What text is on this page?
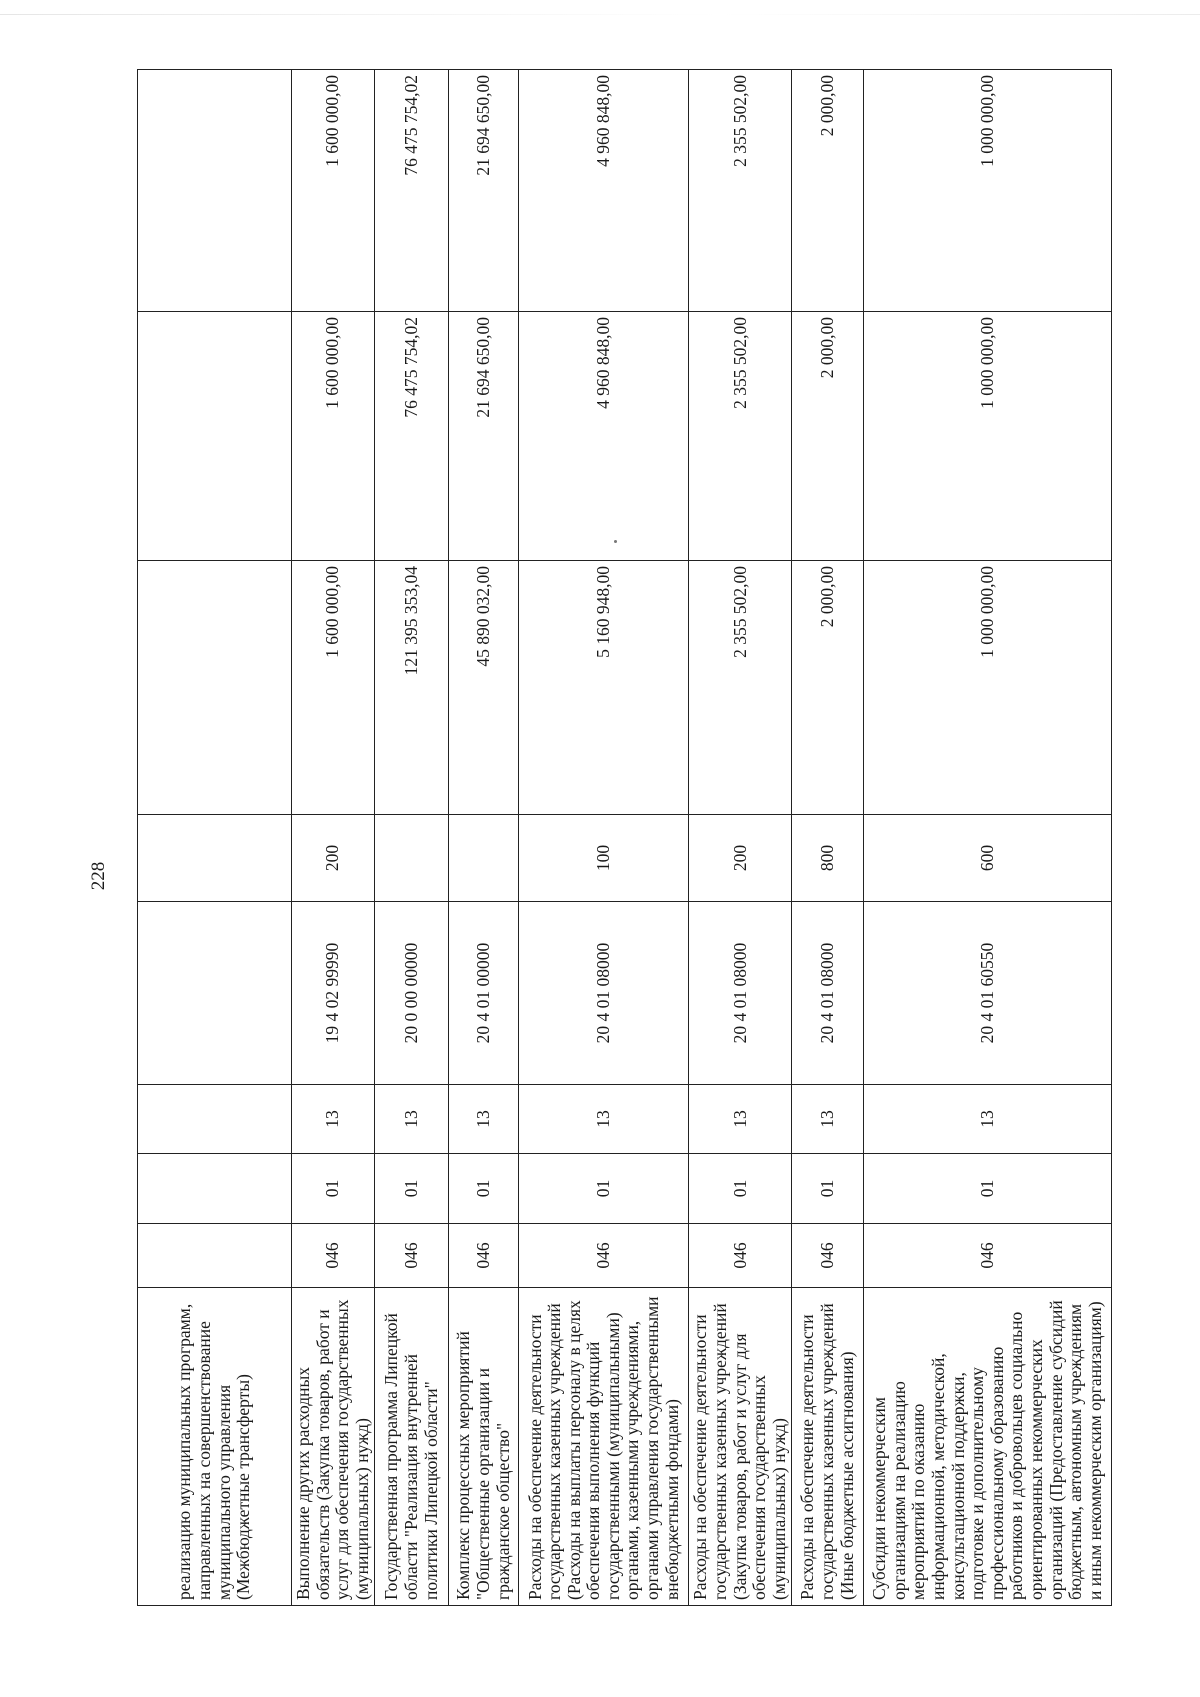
228
реализацию муниципальных программ, направленных на совершенствование муниципального управления (Межбюджетные трансферты)								
Выполнение других расходных обязательств (Закупка товаров, работ и услуг для обеспечения государственных (муниципальных) нужд)	046	01	13	19 4 02 99990	200	1 600 000,00	1 600 000,00	1 600 000,00
Государственная программа Липецкой области "Реализация внутренней политики Липецкой области"	046	01	13	20 0 00 00000		121 395 353,04	76 475 754,02	76 475 754,02
Комплекс процессных мероприятий "Общественные организации и гражданское общество"	046	01	13	20 4 01 00000		45 890 032,00	21 694 650,00	21 694 650,00
Расходы на обеспечение деятельности государственных казенных учреждений (Расходы на выплаты персоналу в целях обеспечения выполнения функций государственными (муниципальными) органами, казенными учреждениями, органами управления государственными внебюджетными фондами)	046	01	13	20 4 01 08000	100	5 160 948,00	4 960 848,00	4 960 848,00
Расходы на обеспечение деятельности государственных казенных учреждений (Закупка товаров, работ и услуг для обеспечения государственных (муниципальных) нужд)	046	01	13	20 4 01 08000	200	2 355 502,00	2 355 502,00	2 355 502,00
Расходы на обеспечение деятельности государственных казенных учреждений (Иные бюджетные ассигнования)	046	01	13	20 4 01 08000	800	2 000,00	2 000,00	2 000,00
Субсидии некоммерческим организациям на реализацию мероприятий по оказанию информационной, методической, консультационной поддержки, подготовке и дополнительному профессиональному образованию работников и добровольцев социально ориентированных некоммерческих организаций (Предоставление субсидий бюджетным, автономным учреждениям и иным некоммерческим организациям)	046	01	13	20 4 01 60550	600	1 000 000,00	1 000 000,00	1 000 000,00
